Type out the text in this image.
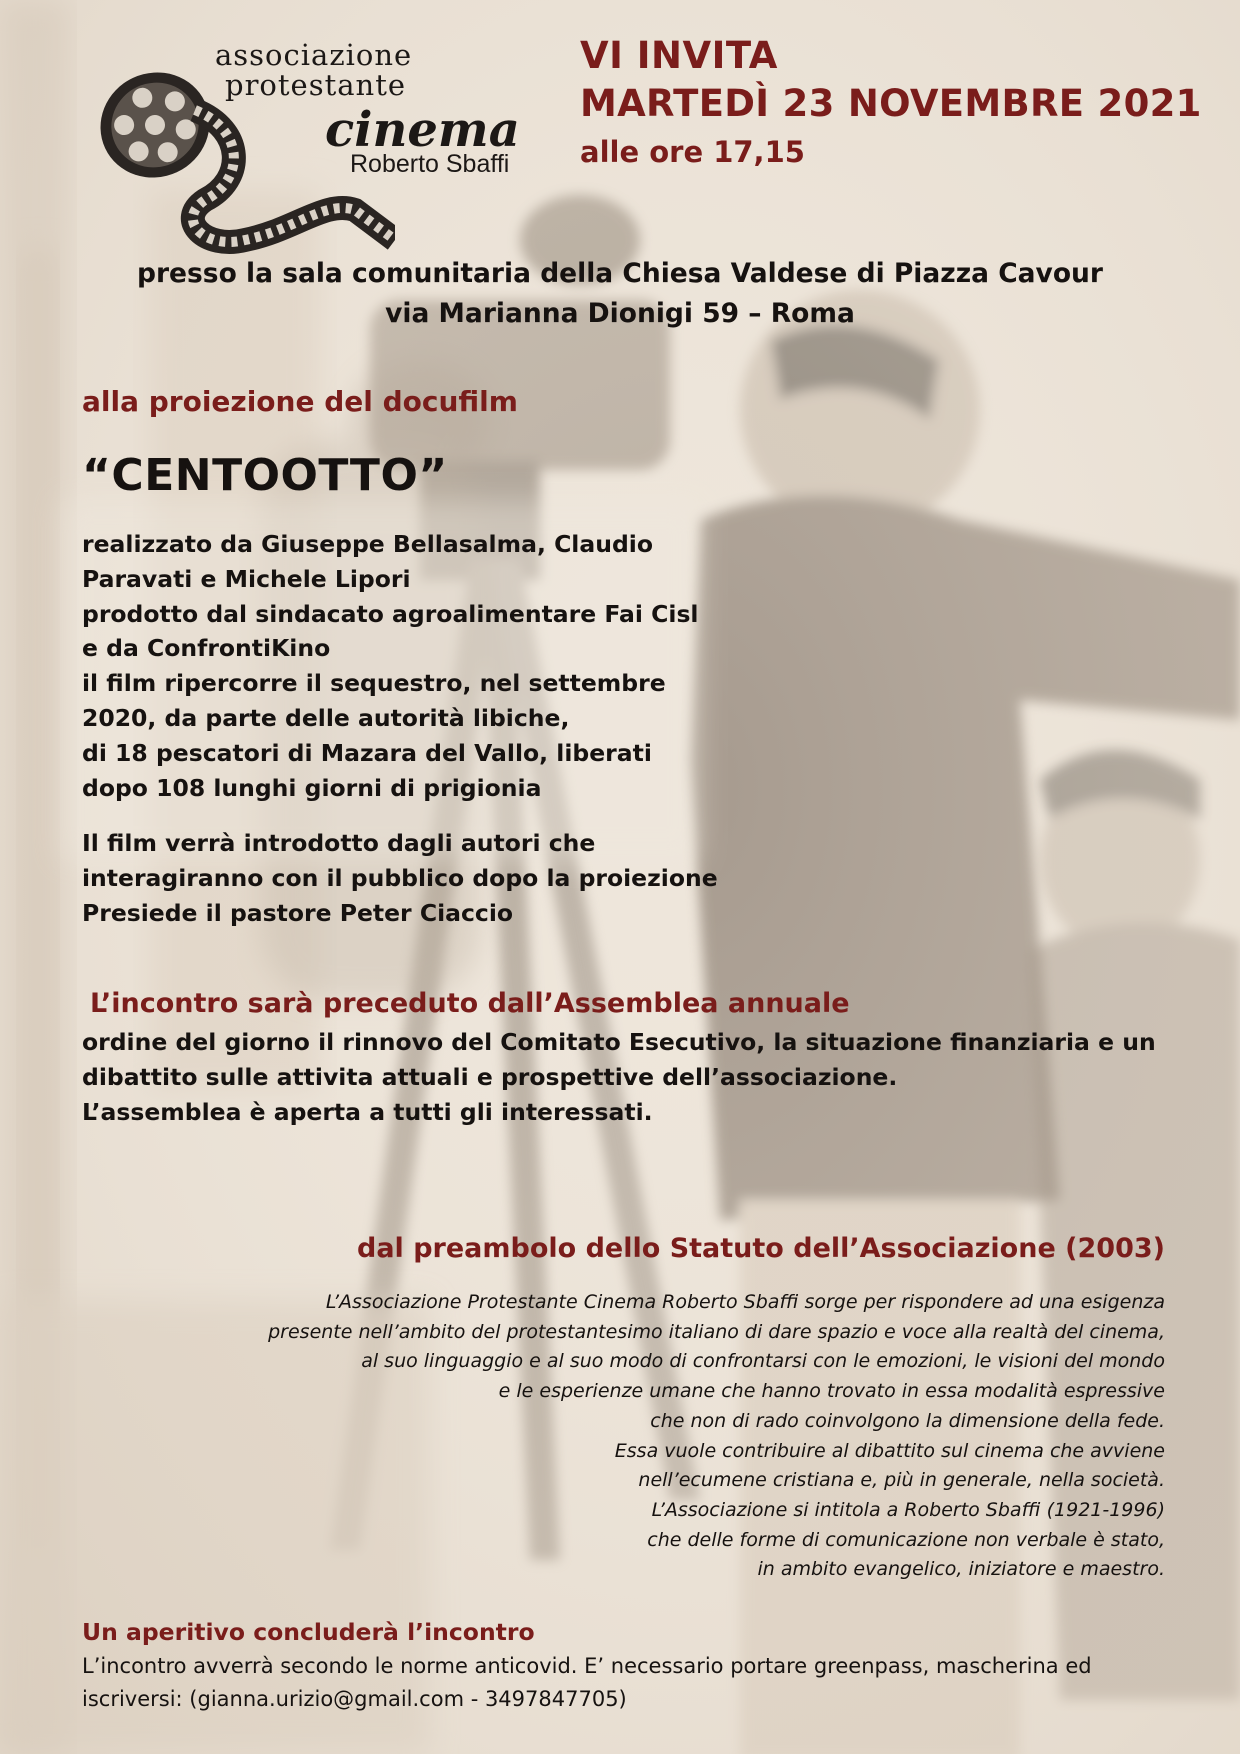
associazione
protestante
cinema
Roberto Sbaffi
VI INVITA
MARTEDÌ 23 NOVEMBRE 2021
alle ore 17,15
presso la sala comunitaria della Chiesa Valdese di Piazza Cavour
via Marianna Dionigi 59 – Roma
alla proiezione del docufilm
“CENTOOTTO”
realizzato da Giuseppe Bellasalma, Claudio
Paravati e Michele Lipori
prodotto dal sindacato agroalimentare Fai Cisl
e da ConfrontiKino
il film ripercorre il sequestro, nel settembre
2020, da parte delle autorità libiche,
di 18 pescatori di Mazara del Vallo, liberati
dopo 108 lunghi giorni di prigionia
Il film verrà introdotto dagli autori che
interagiranno con il pubblico dopo la proiezione
Presiede il pastore Peter Ciaccio
L’incontro sarà preceduto dall’Assemblea annuale
ordine del giorno il rinnovo del Comitato Esecutivo, la situazione finanziaria e un
dibattito sulle attivita attuali e prospettive dell’associazione.
L’assemblea è aperta a tutti gli interessati.
dal preambolo dello Statuto dell’Associazione (2003)
L’Associazione Protestante Cinema Roberto Sbaffi sorge per rispondere ad una esigenza
presente nell’ambito del protestantesimo italiano di dare spazio e voce alla realtà del cinema,
al suo linguaggio e al suo modo di confrontarsi con le emozioni, le visioni del mondo
e le esperienze umane che hanno trovato in essa modalità espressive
che non di rado coinvolgono la dimensione della fede.
Essa vuole contribuire al dibattito sul cinema che avviene
nell’ecumene cristiana e, più in generale, nella società.
L’Associazione si intitola a Roberto Sbaffi (1921-1996)
che delle forme di comunicazione non verbale è stato,
in ambito evangelico, iniziatore e maestro.
Un aperitivo concluderà l’incontro
L’incontro avverrà secondo le norme anticovid. E’ necessario portare greenpass, mascherina ed
iscriversi: (gianna.urizio@gmail.com - 3497847705)
